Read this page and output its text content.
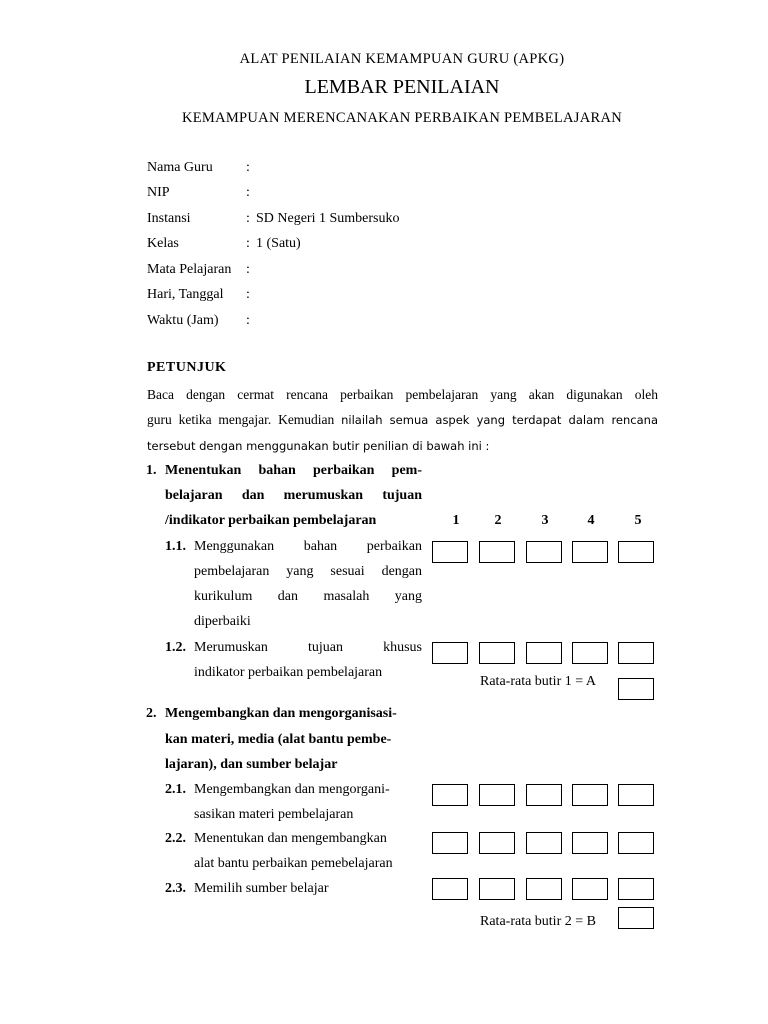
ALAT PENILAIAN KEMAMPUAN GURU (APKG)
LEMBAR PENILAIAN
KEMAMPUAN MERENCANAKAN PERBAIKAN PEMBELAJARAN
Nama Guru :
NIP	:
Instansi	: SD Negeri 1 Sumbersuko
Kelas	: 1 (Satu)
Mata Pelajaran :
Hari, Tanggal :
Waktu (Jam) :
PETUNJUK
Baca dengan cermat rencana perbaikan pembelajaran yang akan digunakan oleh
guru ketika mengajar. Kemudian nilailah semua aspek yang terdapat dalam rencana
tersebut dengan menggunakan butir penilian di bawah ini :
1. Menentukan bahan perbaikan pem-
belajaran dan merumuskan tujuan
/indikator perbaikan pembelajaran	1	2	3	4	5
1.1. Menggunakan bahan perbaikan
pembelajaran yang sesuai dengan
kurikulum dan masalah yang
diperbaiki
1.2. Merumuskan tujuan khusus
indikator perbaikan pembelajaran
Rata-rata butir 1 = A
2. Mengembangkan dan mengorganisasi-
kan materi, media (alat bantu pembe-
lajaran), dan sumber belajar
2.1. Mengembangkan dan mengorgani-
sasikan materi pembelajaran
2.2. Menentukan dan mengembangkan
alat bantu perbaikan pemebelajaran
2.3. Memilih sumber belajar
Rata-rata butir 2 = B
